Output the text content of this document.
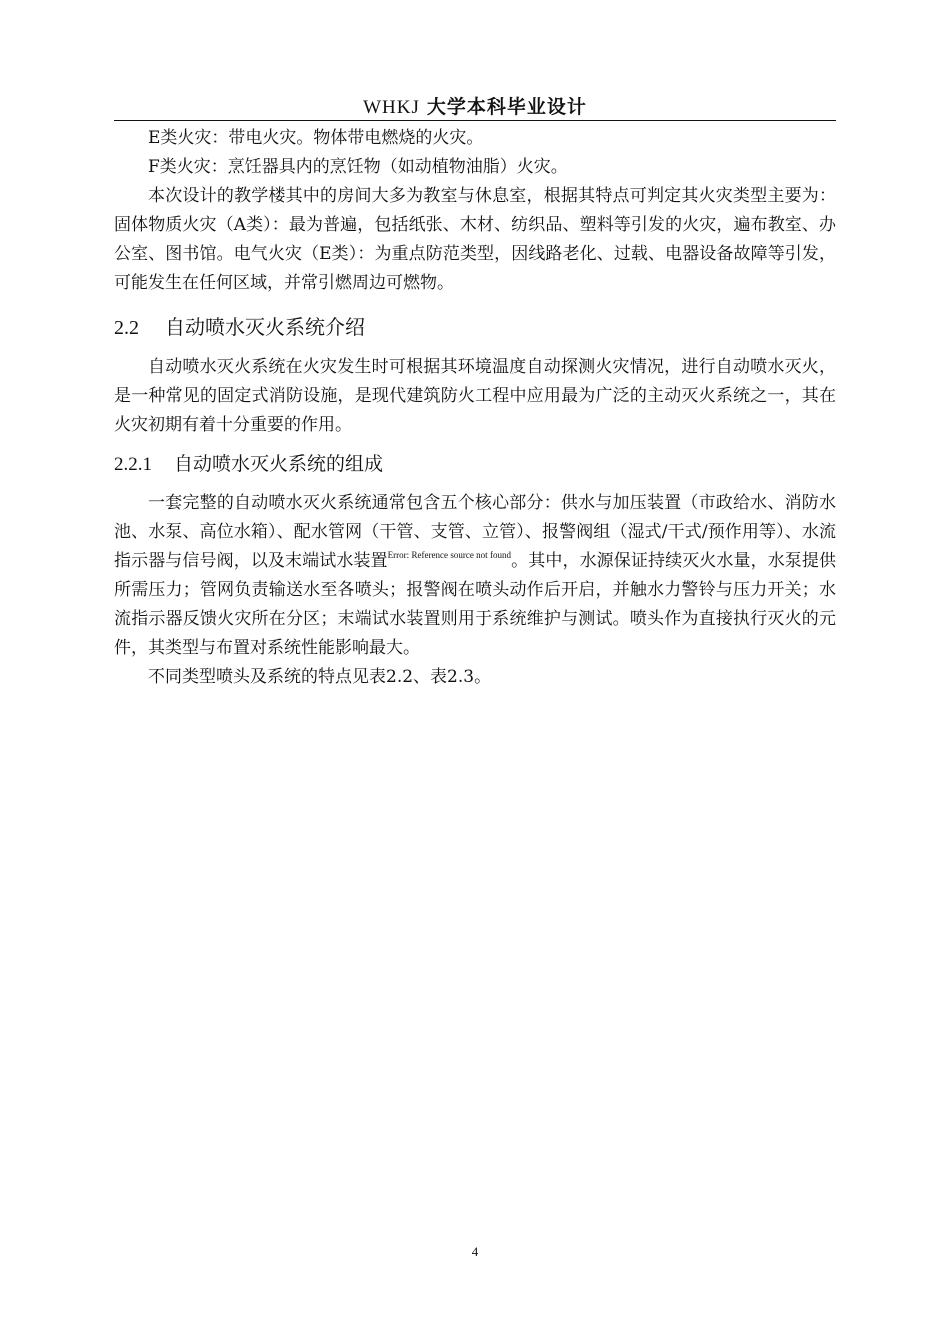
WHKJ 大学本科毕业设计

E类火灾：带电火灾。物体带电燃烧的火灾。

F类火灾：烹饪器具内的烹饪物（如动植物油脂）火灾。

本次设计的教学楼其中的房间大多为教室与休息室，根据其特点可判定其火灾类型主要为：固体物质火灾（A类）：最为普遍，包括纸张、木材、纺织品、塑料等引发的火灾，遍布教室、办公室、图书馆。电气火灾（E类）：为重点防范类型，因线路老化、过载、电器设备故障等引发，可能发生在任何区域，并常引燃周边可燃物。

2.2 自动喷水灭火系统介绍

自动喷水灭火系统在火灾发生时可根据其环境温度自动探测火灾情况，进行自动喷水灭火，是一种常见的固定式消防设施，是现代建筑防火工程中应用最为广泛的主动灭火系统之一，其在火灾初期有着十分重要的作用。

2.2.1 自动喷水灭火系统的组成

一套完整的自动喷水灭火系统通常包含五个核心部分：供水与加压装置（市政给水、消防水池、水泵、高位水箱）、配水管网（干管、支管、立管）、报警阀组（湿式/干式/预作用等）、水流指示器与信号阀，以及末端试水装置$^{Error: Reference source not found}$。其中，水源保证持续灭火水量，水泵提供所需压力；管网负责输送水至各喷头；报警阀在喷头动作后开启，并触水力警铃与压力开关；水流指示器反馈火灾所在分区；末端试水装置则用于系统维护与测试。喷头作为直接执行灭火的元件，其类型与布置对系统性能影响最大。

不同类型喷头及系统的特点见表2.2、表2.3。

4
